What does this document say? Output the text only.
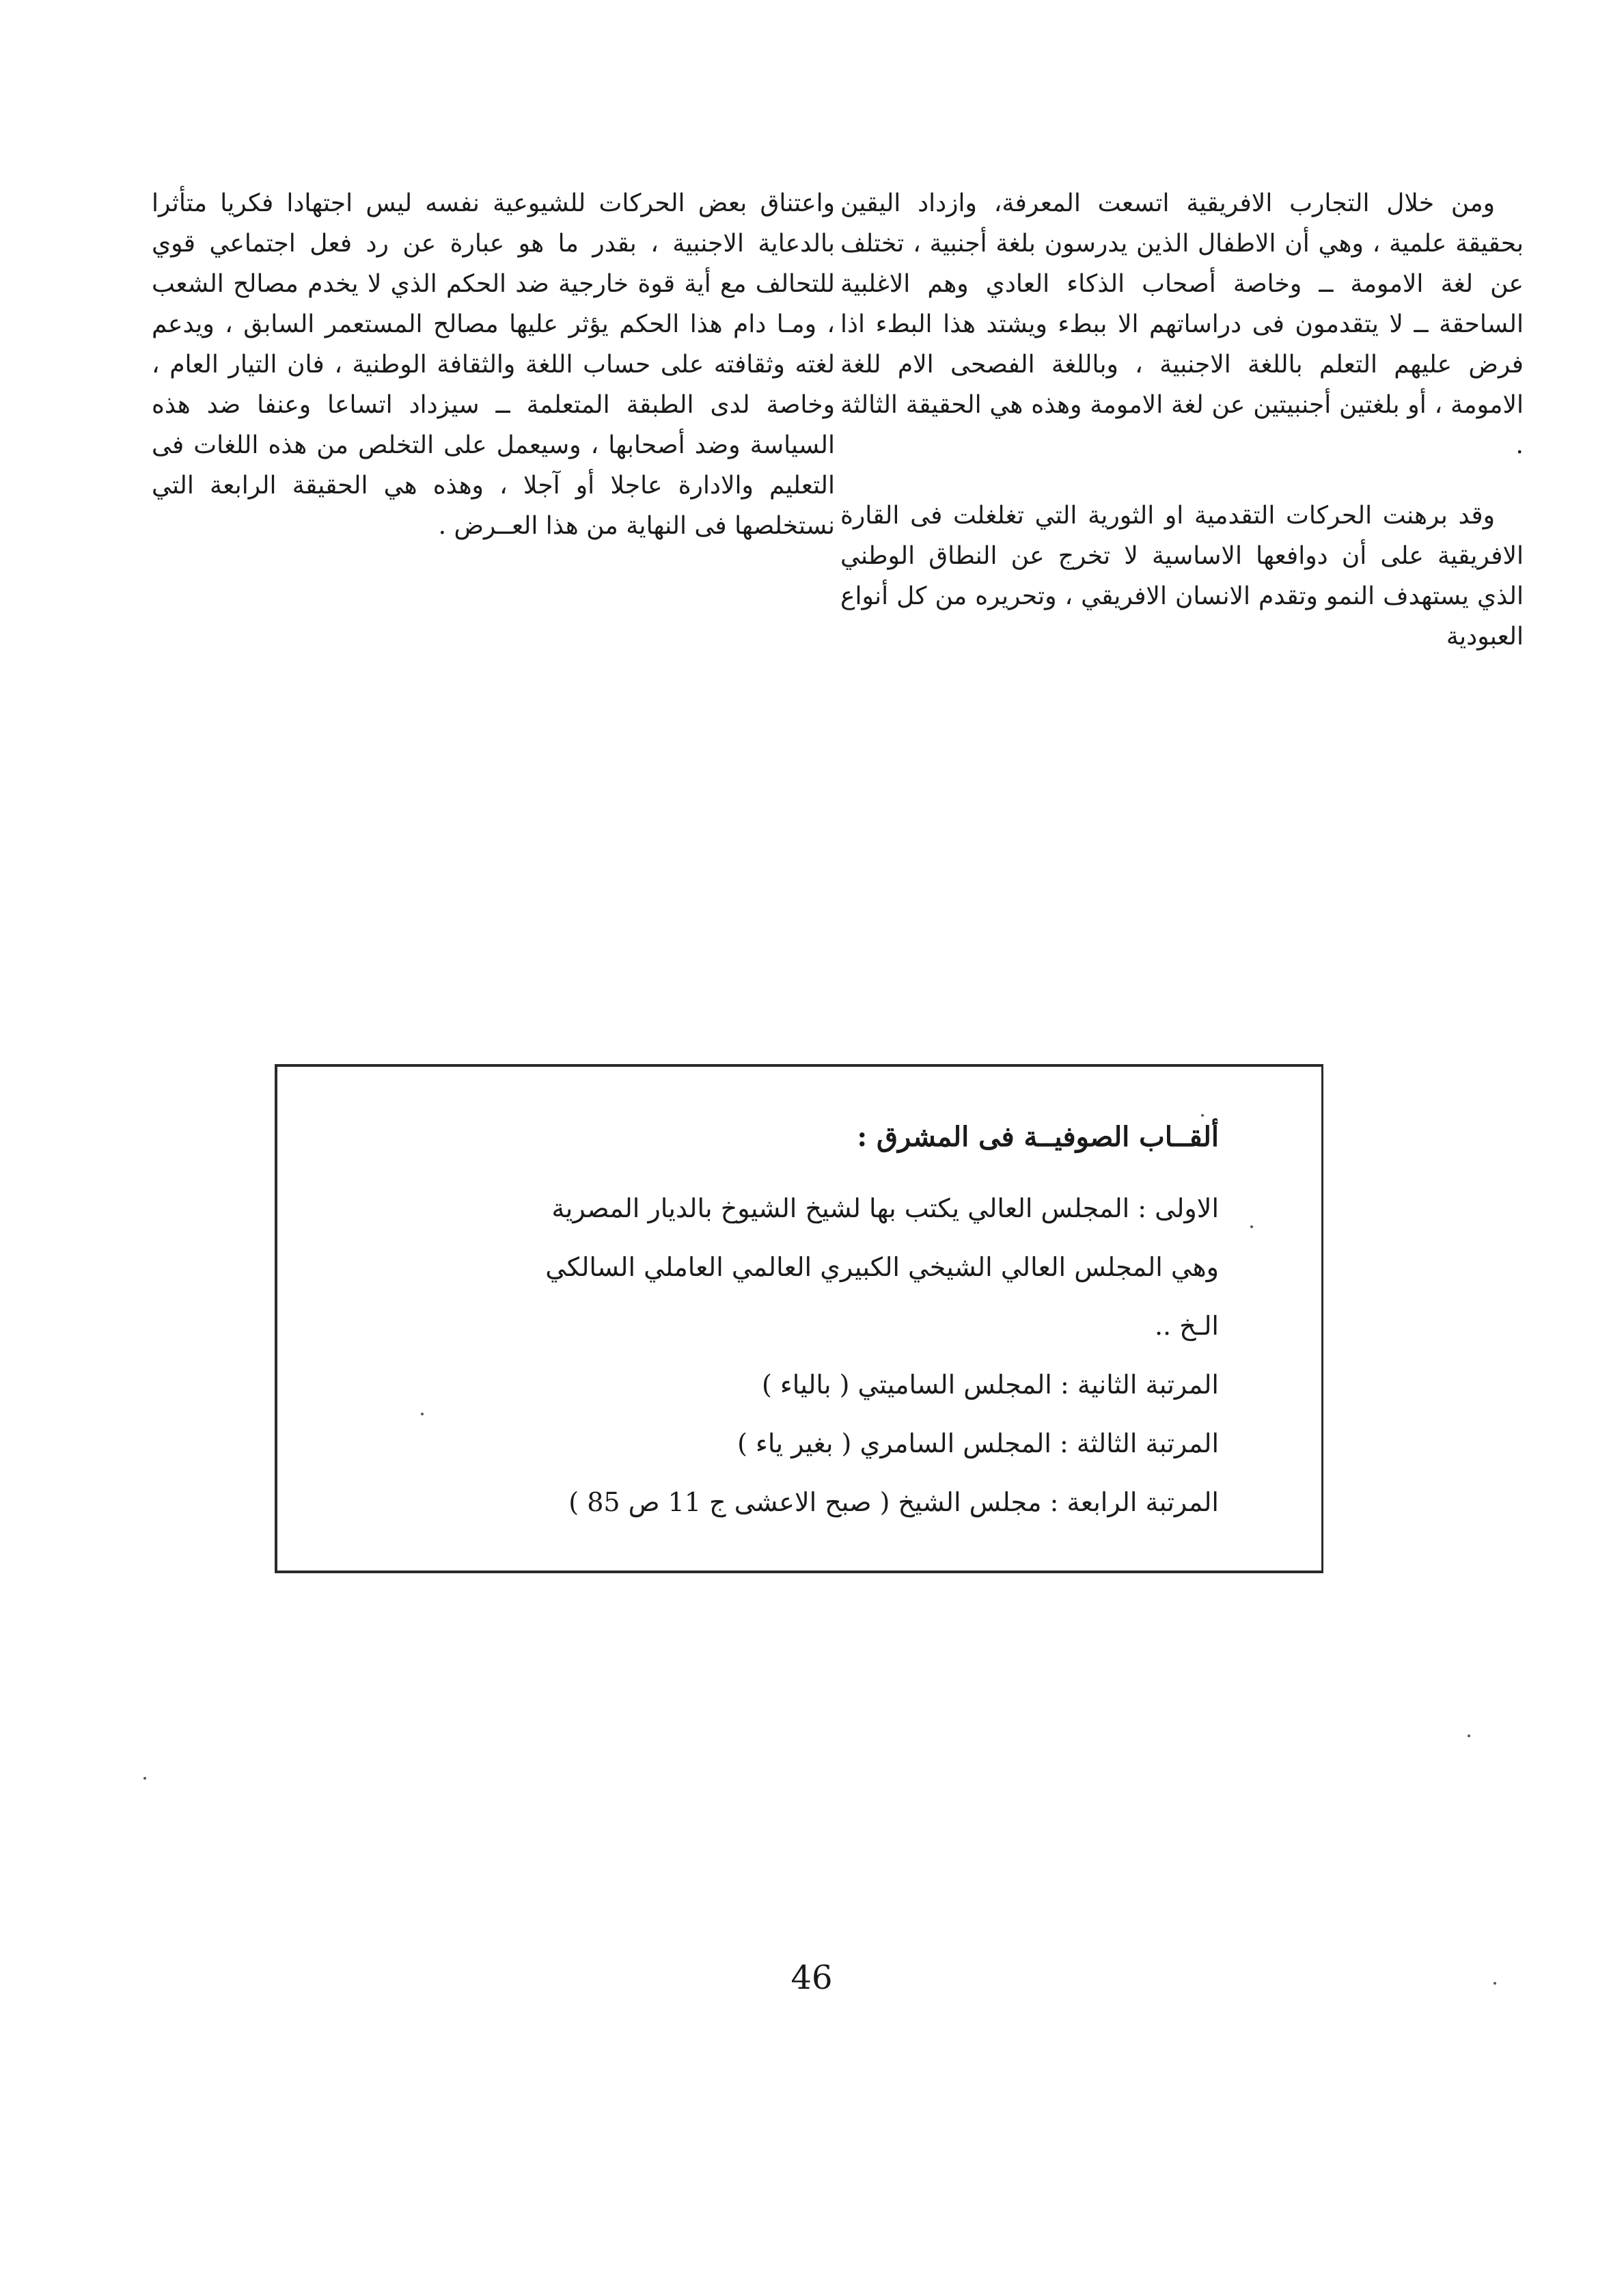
ومن خلال التجارب الافريقية اتسعت المعرفة، وازداد اليقين بحقيقة علمية ، وهي أن الاطفال الذين يدرسون بلغة أجنبية ، تختلف عن لغة الامومة ــ وخاصة أصحاب الذكاء العادي وهم الاغلبية الساحقة ــ لا يتقدمون فى دراساتهم الا ببطء ويشتد هذا البطء اذا فرض عليهم التعلم باللغة الاجنبية ، وباللغة الفصحى الام للغة الامومة ، أو بلغتين أجنبيتين عن لغة الامومة وهذه هي الحقيقة الثالثة .

وقد برهنت الحركات التقدمية او الثورية التي تغلغلت فى القارة الافريقية على أن دوافعها الاساسية لا تخرج عن النطاق الوطني الذي يستهدف النمو وتقدم الانسان الافريقي ، وتحريره من كل أنواع العبودية

واعتناق بعض الحركات للشيوعية نفسه ليس اجتهادا فكريا متأثرا بالدعاية الاجنبية ، بقدر ما هو عبارة عن رد فعل اجتماعي قوي للتحالف مع أية قوة خارجية ضد الحكم الذي لا يخدم مصالح الشعب ، ومـا دام هذا الحكم يؤثر عليها مصالح المستعمر السابق ، ويدعم لغته وثقافته على حساب اللغة والثقافة الوطنية ، فان التيار العام ، وخاصة لدى الطبقة المتعلمة ــ سيزداد اتساعا وعنفا ضد هذه السياسة وضد أصحابها ، وسيعمل على التخلص من هذه اللغات فى التعليم والادارة عاجلا أو آجلا ، وهذه هي الحقيقة الرابعة التي نستخلصها فى النهاية من هذا العــرض .

ألقــاب الصوفيــة فى المشرق :

الاولى : المجلس العالي يكتب بها لشيخ الشيوخ بالديار المصرية

وهي المجلس العالي الشيخي الكبيري العالمي العاملي السالكي

الـخ ..

المرتبة الثانية : المجلس السامیتي ( بالياء )

المرتبة الثالثة : المجلس السامري ( بغير ياء )

المرتبة الرابعة : مجلس الشيخ ( صبح الاعشى ج 11 ص 85 )

46
